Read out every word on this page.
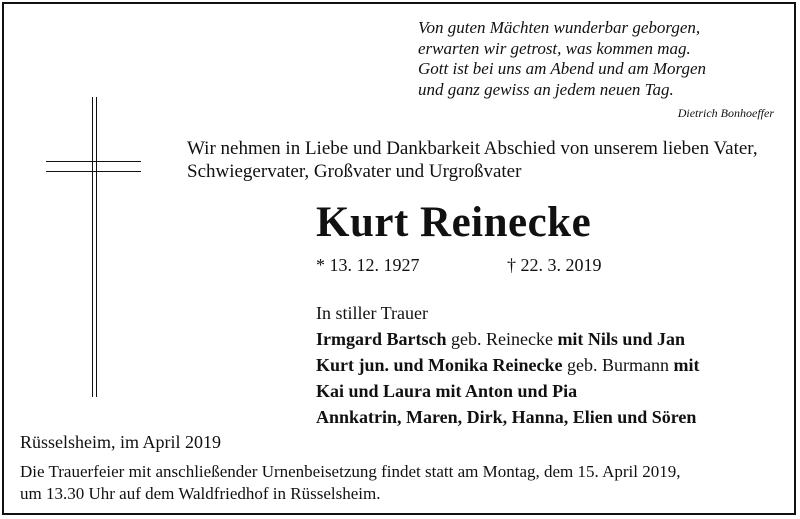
Von guten Mächten wunderbar geborgen,
erwarten wir getrost, was kommen mag.
Gott ist bei uns am Abend und am Morgen
und ganz gewiss an jedem neuen Tag.
Dietrich Bonhoeffer
Wir nehmen in Liebe und Dankbarkeit Abschied von unserem lieben Vater,
Schwiegervater, Großvater und Urgroßvater
Kurt Reinecke
* 13. 12. 1927	† 22. 3. 2019
In stiller Trauer
Irmgard Bartsch geb. Reinecke mit Nils und Jan
Kurt jun. und Monika Reinecke geb. Burmann mit
Kai und Laura mit Anton und Pia
Annkatrin, Maren, Dirk, Hanna, Elien und Sören
Rüsselsheim, im April 2019
Die Trauerfeier mit anschließender Urnenbeisetzung findet statt am Montag, dem 15. April 2019,
um 13.30 Uhr auf dem Waldfriedhof in Rüsselsheim.
